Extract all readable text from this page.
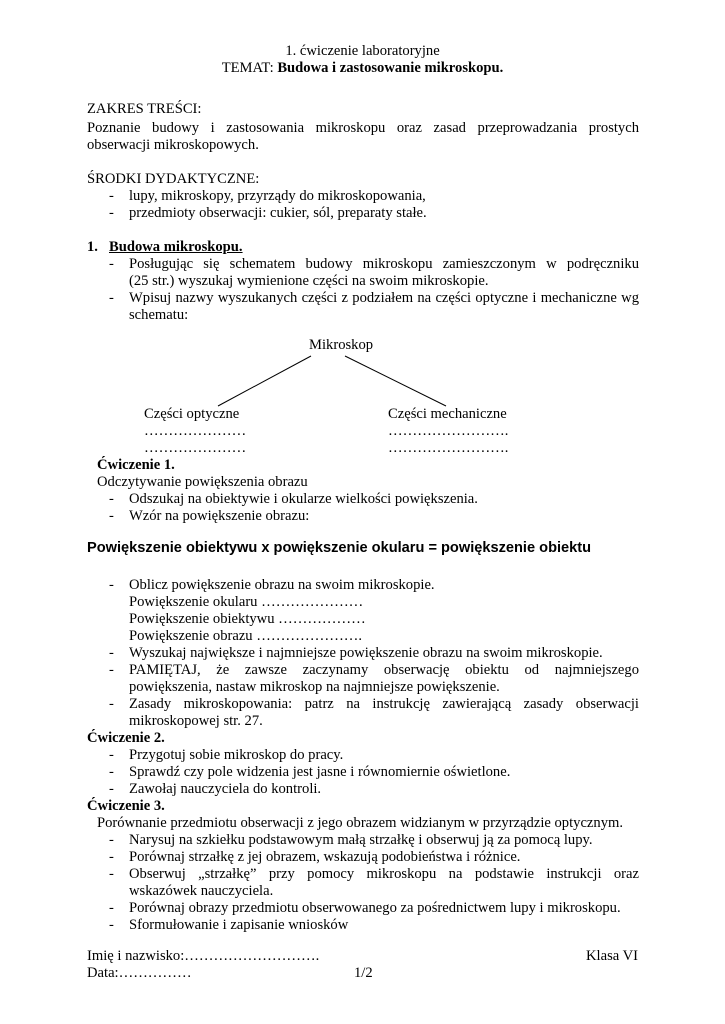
1. ćwiczenie laboratoryjne
TEMAT: Budowa i zastosowanie mikroskopu.
ZAKRES TREŚCI:
Poznanie budowy i zastosowania mikroskopu oraz zasad przeprowadzania prostych
obserwacji mikroskopowych.
ŚRODKI DYDAKTYCZNE:
- lupy, mikroskopy, przyrządy do mikroskopowania,
- przedmioty obserwacji: cukier, sól, preparaty stałe.
1. Budowa mikroskopu.
- Posługując się schematem budowy mikroskopu zamieszczonym w podręczniku
(25 str.) wyszukaj wymienione części na swoim mikroskopie.
- Wpisuj nazwy wyszukanych części z podziałem na części optyczne i mechaniczne wg
schematu:
Mikroskop
Części optyczne	Części mechaniczne
…………………	…………………….
…………………	…………………….
Ćwiczenie 1.
Odczytywanie powiększenia obrazu
- Odszukaj na obiektywie i okularze wielkości powiększenia.
- Wzór na powiększenie obrazu:
Powiększenie obiektywu x powiększenie okularu = powiększenie obiektu
- Oblicz powiększenie obrazu na swoim mikroskopie.
Powiększenie okularu …………………
Powiększenie obiektywu ………………
Powiększenie obrazu ………………….
- Wyszukaj największe i najmniejsze powiększenie obrazu na swoim mikroskopie.
- PAMIĘTAJ, że zawsze zaczynamy obserwację obiektu od najmniejszego
powiększenia, nastaw mikroskop na najmniejsze powiększenie.
- Zasady mikroskopowania: patrz na instrukcję zawierającą zasady obserwacji
mikroskopowej str. 27.
Ćwiczenie 2.
- Przygotuj sobie mikroskop do pracy.
- Sprawdź czy pole widzenia jest jasne i równomiernie oświetlone.
- Zawołaj nauczyciela do kontroli.
Ćwiczenie 3.
Porównanie przedmiotu obserwacji z jego obrazem widzianym w przyrządzie optycznym.
- Narysuj na szkiełku podstawowym małą strzałkę i obserwuj ją za pomocą lupy.
- Porównaj strzałkę z jej obrazem, wskazują podobieństwa i różnice.
- Obserwuj „strzałkę” przy pomocy mikroskopu na podstawie instrukcji oraz
wskazówek nauczyciela.
- Porównaj obrazy przedmiotu obserwowanego za pośrednictwem lupy i mikroskopu.
- Sformułowanie i zapisanie wniosków
Imię i nazwisko:……………………….	Klasa VI
Data:……………	1/2
